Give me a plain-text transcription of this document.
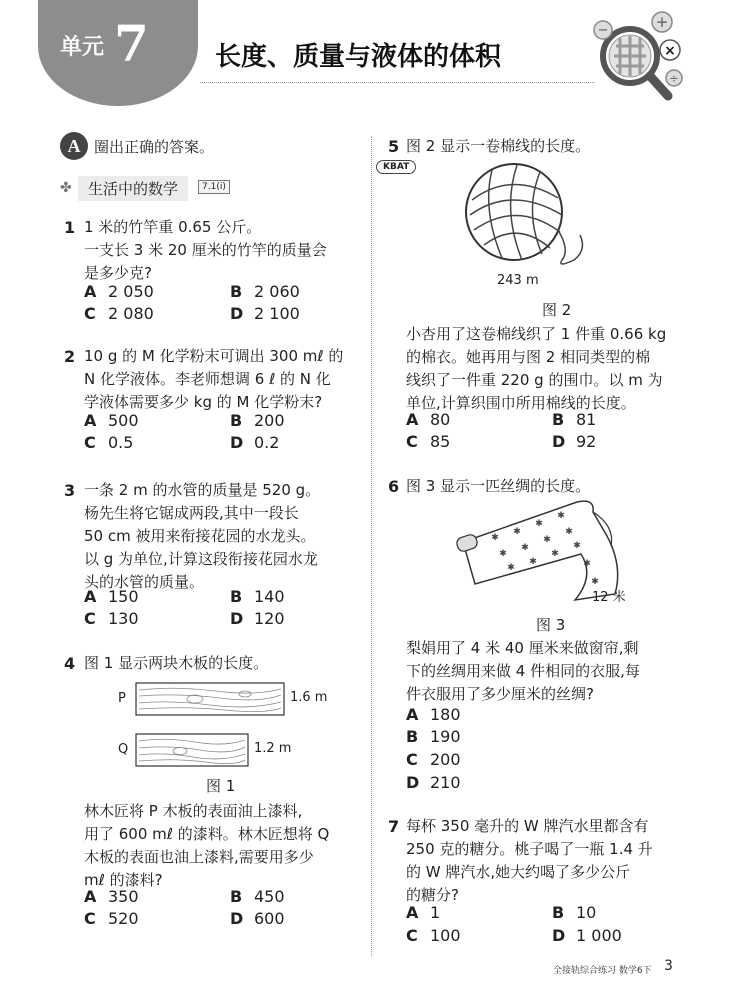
单元 7	长度、质量与液体的体积
+
×
−
÷
A 圈出正确的答案。
✤	生活中的数学	7.1(i)
1 1 米的竹竿重 0.65 公斤。
一支长 3 米 20 厘米的竹竿的质量会
是多少克?
A 2 050	B 2 060
C 2 080	D 2 100
2 10 g 的 M 化学粉末可调出 300 mℓ 的
N 化学液体。李老师想调 6 ℓ 的 N 化
学液体需要多少 kg 的 M 化学粉末?
A 500	B 200
C 0.5	D 0.2
3 一条 2 m 的水管的质量是 520 g。
杨先生将它锯成两段,其中一段长
50 cm 被用来衔接花园的水龙头。
以 g 为单位,计算这段衔接花园水龙
头的水管的质量。
A 150	B 140
C 130	D 120
4 图 1 显示两块木板的长度。
P	1.6 m
Q	1.2 m
图 1
林木匠将 P 木板的表面油上漆料,
用了 600 mℓ 的漆料。林木匠想将 Q
木板的表面也油上漆料,需要用多少
mℓ 的漆料?
A 350	B 450
C 520	D 600
5 图 2 显示一卷棉线的长度。
KBAT
243 m
图 2
小杏用了这卷棉线织了 1 件重 0.66 kg
的棉衣。她再用与图 2 相同类型的棉
线织了一件重 220 g 的围巾。以 m 为
单位,计算织围巾所用棉线的长度。
A 80	B 81
C 85	D 92
6 图 3 显示一匹丝绸的长度。
✱
✱
✱
✱
✱
✱
✱
✱
✱
✱
✱
✱
✱
✱
12 米
图 3
梨娟用了 4 米 40 厘米来做窗帘,剩
下的丝绸用来做 4 件相同的衣服,每
件衣服用了多少厘米的丝绸?
A 180
B 190
C 200
D 210
7 每杯 350 毫升的 W 牌汽水里都含有
250 克的糖分。桃子喝了一瓶 1.4 升
的 W 牌汽水,她大约喝了多少公斤
的糖分?
A 1	B 10
C 100	D 1 000
全接轨综合练习 数学6下 3
